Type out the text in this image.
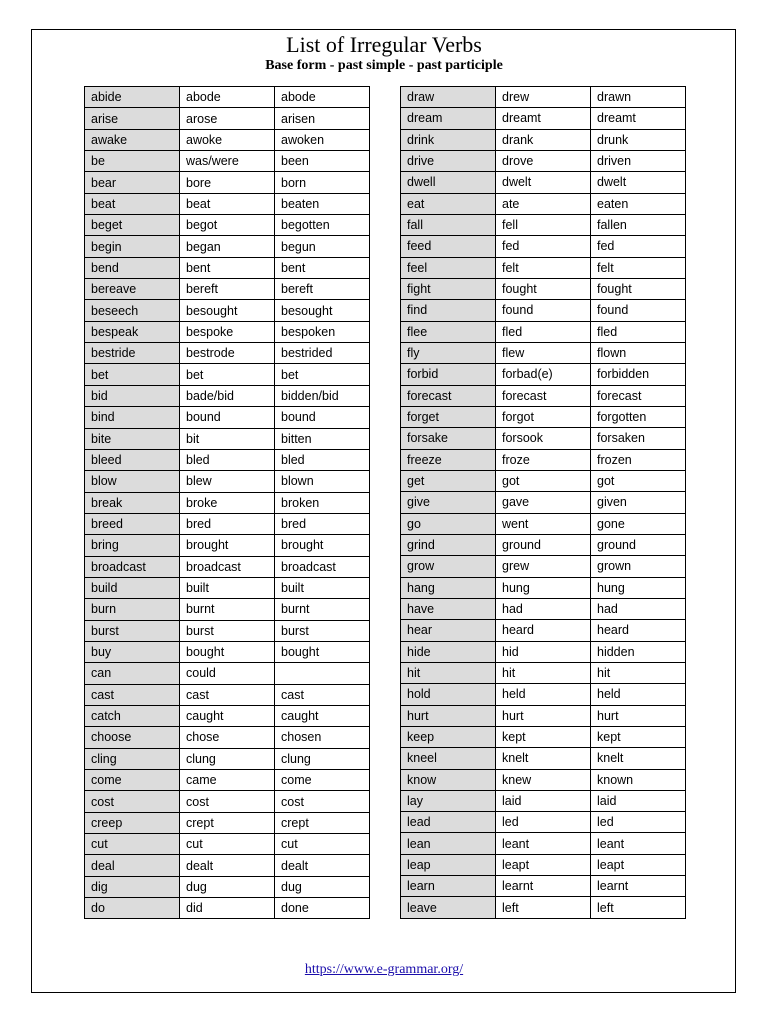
List of Irregular Verbs
Base form - past simple - past participle
abide	abode	abode
arise	arose	arisen
awake	awoke	awoken
be	was/were	been
bear	bore	born
beat	beat	beaten
beget	begot	begotten
begin	began	begun
bend	bent	bent
bereave	bereft	bereft
beseech	besought	besought
bespeak	bespoke	bespoken
bestride	bestrode	bestrided
bet	bet	bet
bid	bade/bid	bidden/bid
bind	bound	bound
bite	bit	bitten
bleed	bled	bled
blow	blew	blown
break	broke	broken
breed	bred	bred
bring	brought	brought
broadcast	broadcast	broadcast
build	built	built
burn	burnt	burnt
burst	burst	burst
buy	bought	bought
can	could	
cast	cast	cast
catch	caught	caught
choose	chose	chosen
cling	clung	clung
come	came	come
cost	cost	cost
creep	crept	crept
cut	cut	cut
deal	dealt	dealt
dig	dug	dug
do	did	done
draw	drew	drawn
dream	dreamt	dreamt
drink	drank	drunk
drive	drove	driven
dwell	dwelt	dwelt
eat	ate	eaten
fall	fell	fallen
feed	fed	fed
feel	felt	felt
fight	fought	fought
find	found	found
flee	fled	fled
fly	flew	flown
forbid	forbad(e)	forbidden
forecast	forecast	forecast
forget	forgot	forgotten
forsake	forsook	forsaken
freeze	froze	frozen
get	got	got
give	gave	given
go	went	gone
grind	ground	ground
grow	grew	grown
hang	hung	hung
have	had	had
hear	heard	heard
hide	hid	hidden
hit	hit	hit
hold	held	held
hurt	hurt	hurt
keep	kept	kept
kneel	knelt	knelt
know	knew	known
lay	laid	laid
lead	led	led
lean	leant	leant
leap	leapt	leapt
learn	learnt	learnt
leave	left	left
https://www.e-grammar.org/
